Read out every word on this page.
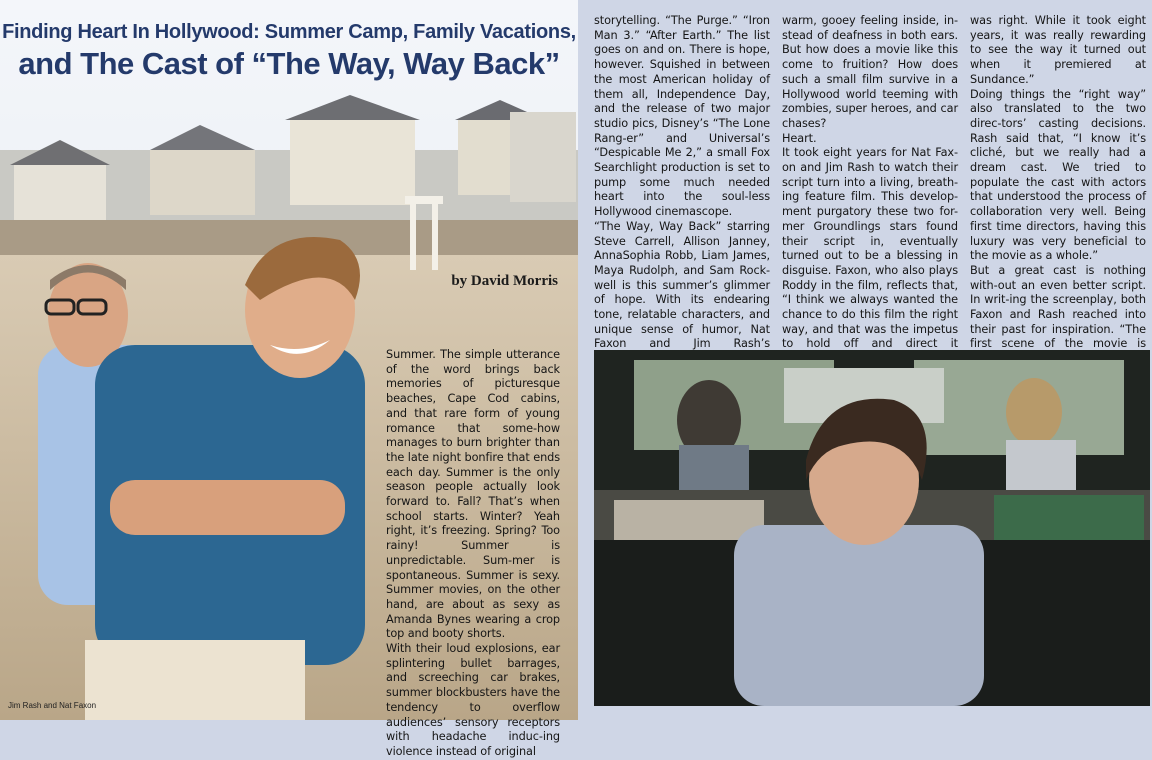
Finding Heart In Hollywood: Summer Camp, Family Vacations,
and The Cast of “The Way, Way Back”

by David Morris

Jim Rash and Nat Faxon

Summer. The simple utterance of the word brings back memories of picturesque beaches, Cape Cod cabins, and that rare form of young romance that some-how manages to burn brighter than the late night bonfire that ends each day. Summer is the only season people actually look forward to. Fall? That’s when school starts. Winter? Yeah right, it’s freezing. Spring? Too rainy! Summer is unpredictable. Sum-mer is spontaneous. Summer is sexy. Summer movies, on the other hand, are about as sexy as Amanda Bynes wearing a crop top and booty shorts.

With their loud explosions, ear splintering bullet barrages, and screeching car brakes, summer blockbusters have the tendency to overflow audiences’ sensory receptors with headache induc-ing violence instead of original

storytelling. “The Purge.” “Iron Man 3.” “After Earth.” The list goes on and on. There is hope, however. Squished in between the most American holiday of them all, Independence Day, and the release of two major studio pics, Disney’s “The Lone Rang-er” and Universal’s “Despicable Me 2,” a small Fox Searchlight production is set to pump some much needed heart into the soul-less Hollywood cinemascope.

“The Way, Way Back” starring Steve Carrell, Allison Janney, AnnaSophia Robb, Liam James, Maya Rudolph, and Sam Rock-well is this summer’s glimmer of hope. With its endearing tone, relatable characters, and unique sense of humor, Nat Faxon and Jim Rash’s

warm, gooey feeling inside, in-stead of deafness in both ears. But how does a movie like this come to fruition? How does such a small film survive in a Hollywood world teeming with zombies, super heroes, and car chases?

Heart.

It took eight years for Nat Fax-on and Jim Rash to watch their script turn into a living, breath-ing feature film. This develop-ment purgatory these two for-mer Groundlings stars found their script in, eventually turned out to be a blessing in disguise. Faxon, who also plays Roddy in the film, reflects that, “I think we always wanted the chance to do this film the right way, and that was the impetus to hold off and direct it

was right. While it took eight years, it was really rewarding to see the way it turned out when it premiered at Sundance.”

Doing things the “right way” also translated to the two direc-tors’ casting decisions. Rash said that, “I know it’s cliché, but we really had a dream cast. We tried to populate the cast with actors that understood the process of collaboration very well. Being first time directors, having this luxury was very beneficial to the movie as a whole.”

But a great cast is nothing with-out an even better script. In writ-ing the screenplay, both Faxon and Rash reached into their past for inspiration. “The first scene of the movie is
